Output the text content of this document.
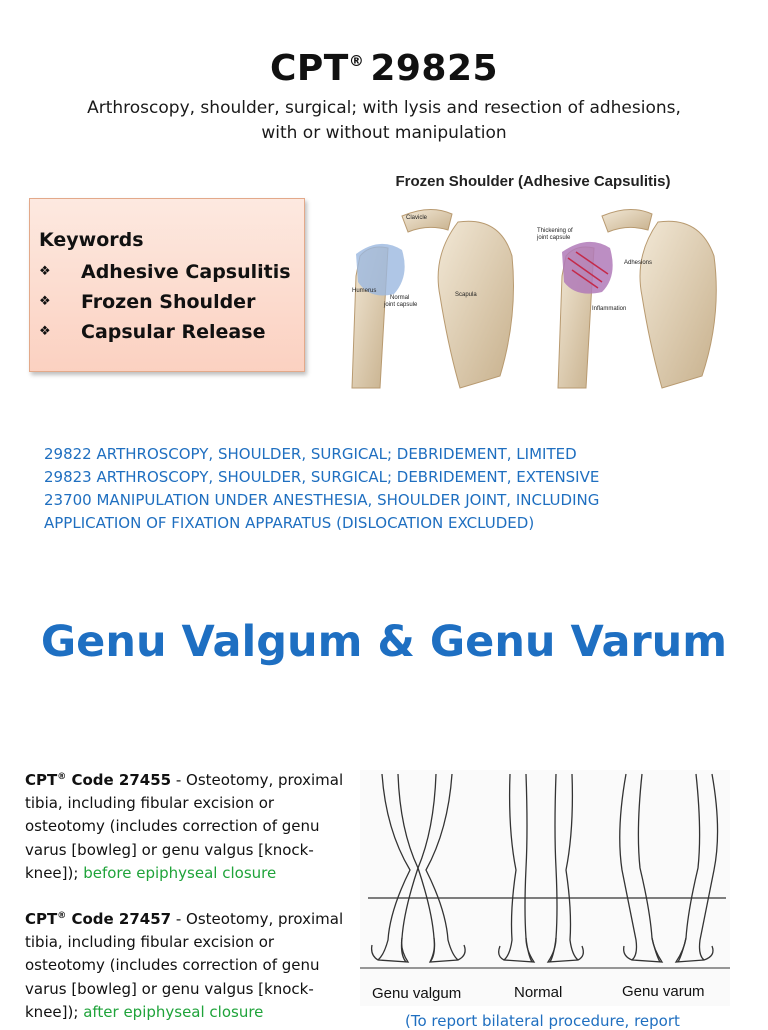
CPT® 29825
Arthroscopy, shoulder, surgical; with lysis and resection of adhesions,
with or without manipulation
Keywords
❖	Adhesive Capsulitis
❖	Frozen Shoulder
❖	Capsular Release
Frozen Shoulder (Adhesive Capsulitis)
Clavicle
Humerus
Normal joint capsule
Scapula
Thickening of joint capsule
Adhesions
Inflammation
29822 ARTHROSCOPY, SHOULDER, SURGICAL; DEBRIDEMENT, LIMITED
29823 ARTHROSCOPY, SHOULDER, SURGICAL; DEBRIDEMENT, EXTENSIVE
23700 MANIPULATION UNDER ANESTHESIA, SHOULDER JOINT, INCLUDING
APPLICATION OF FIXATION APPARATUS (DISLOCATION EXCLUDED)
Genu Valgum & Genu Varum
CPT® Code 27455 - Osteotomy, proximal tibia, including fibular excision or osteotomy (includes correction of genu varus [bowleg] or genu valgus [knock-knee]); before epiphyseal closure
CPT® Code 27457 - Osteotomy, proximal tibia, including fibular excision or osteotomy (includes correction of genu varus [bowleg] or genu valgus [knock-knee]); after epiphyseal closure
Genu valgum	Normal	Genu varum
(To report bilateral procedure, report
